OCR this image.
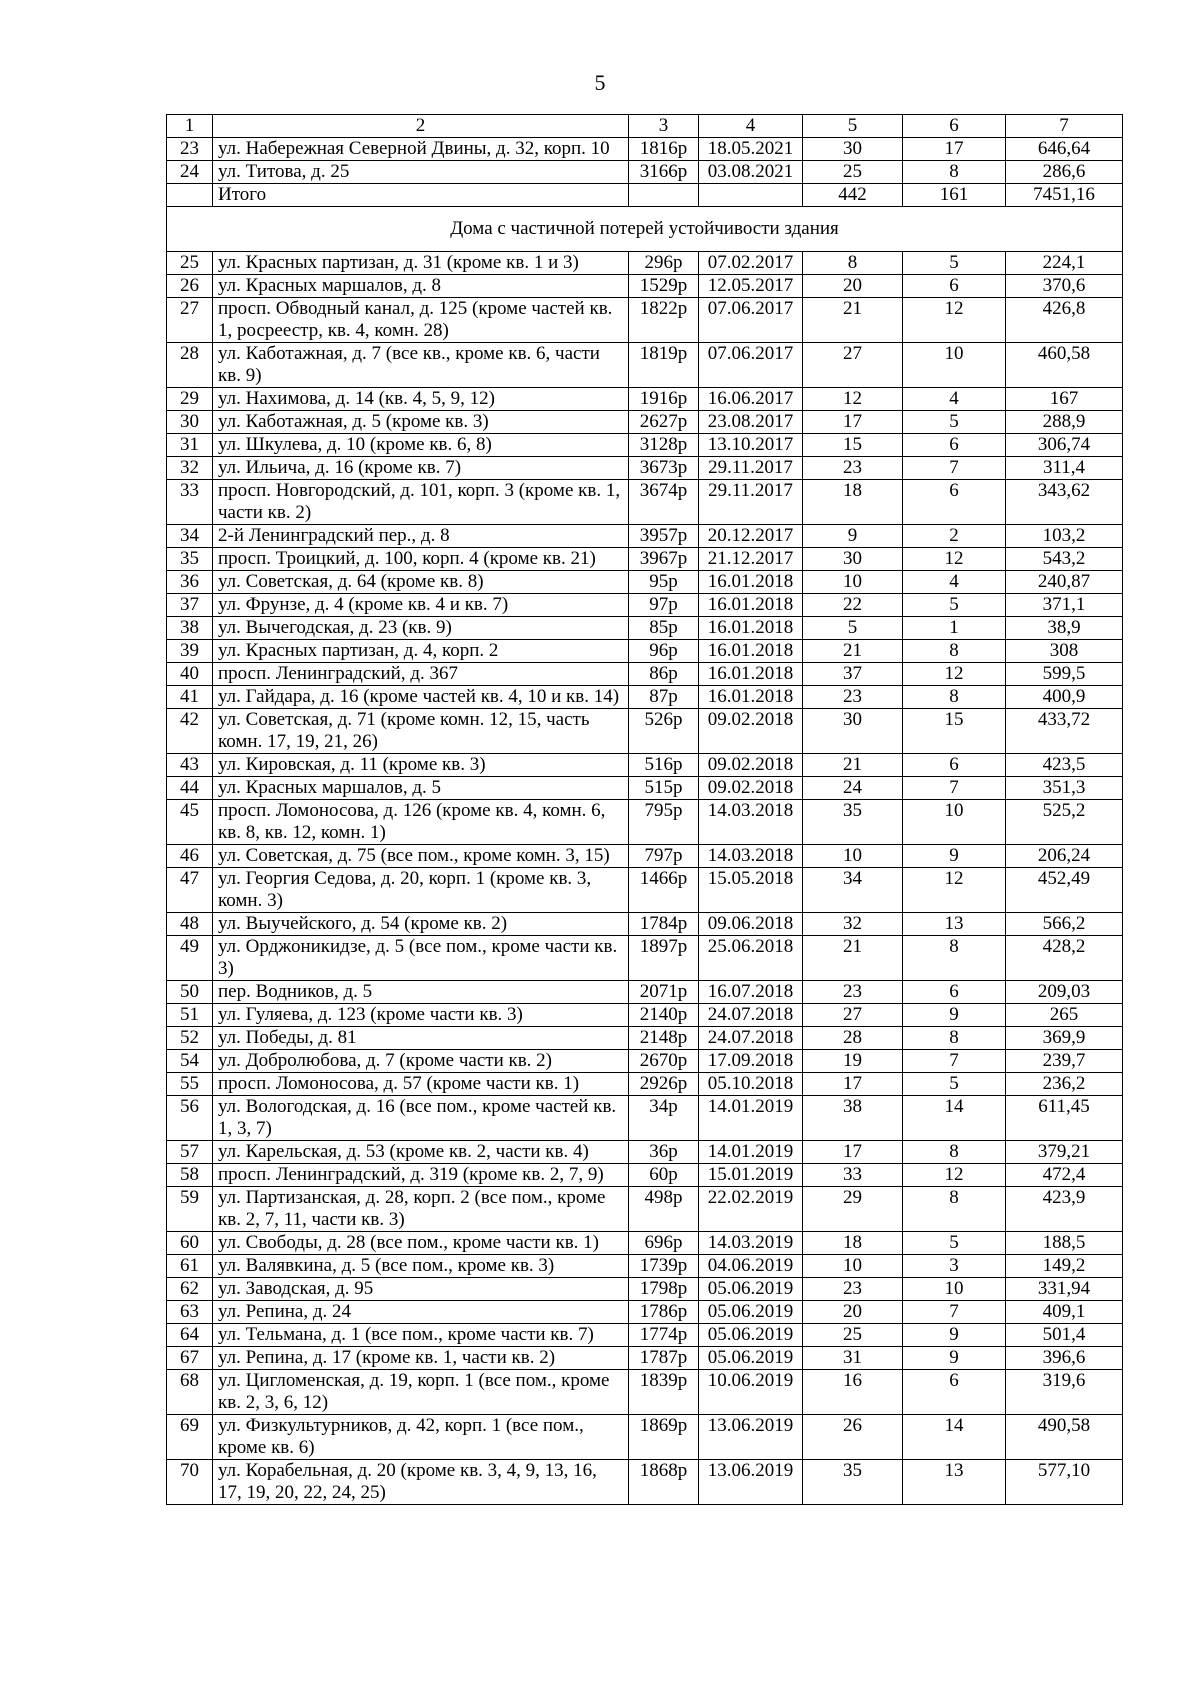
5
1	2	3	4	5	6	7
23	ул. Набережная Северной Двины, д. 32, корп. 10	1816р	18.05.2021	30	17	646,64
24	ул. Титова, д. 25	3166р	03.08.2021	25	8	286,6
	Итого			442	161	7451,16
Дома с частичной потерей устойчивости здания						
25	ул. Красных партизан, д. 31 (кроме кв. 1 и 3)	296р	07.02.2017	8	5	224,1
26	ул. Красных маршалов, д. 8	1529р	12.05.2017	20	6	370,6
27	просп. Обводный канал, д. 125 (кроме частей кв. 1, росреестр, кв. 4, комн. 28)	1822р	07.06.2017	21	12	426,8
28	ул. Каботажная, д. 7 (все кв., кроме кв. 6, части кв. 9)	1819р	07.06.2017	27	10	460,58
29	ул. Нахимова, д. 14 (кв. 4, 5, 9, 12)	1916р	16.06.2017	12	4	167
30	ул. Каботажная, д. 5 (кроме кв. 3)	2627р	23.08.2017	17	5	288,9
31	ул. Шкулева, д. 10 (кроме кв. 6, 8)	3128р	13.10.2017	15	6	306,74
32	ул. Ильича, д. 16 (кроме кв. 7)	3673р	29.11.2017	23	7	311,4
33	просп. Новгородский, д. 101, корп. 3 (кроме кв. 1, части кв. 2)	3674р	29.11.2017	18	6	343,62
34	2-й Ленинградский пер., д. 8	3957р	20.12.2017	9	2	103,2
35	просп. Троицкий, д. 100, корп. 4 (кроме кв. 21)	3967р	21.12.2017	30	12	543,2
36	ул. Советская, д. 64 (кроме кв. 8)	95р	16.01.2018	10	4	240,87
37	ул. Фрунзе, д. 4 (кроме кв. 4 и кв. 7)	97р	16.01.2018	22	5	371,1
38	ул. Вычегодская, д. 23 (кв. 9)	85р	16.01.2018	5	1	38,9
39	ул. Красных партизан, д. 4, корп. 2	96р	16.01.2018	21	8	308
40	просп. Ленинградский, д. 367	86р	16.01.2018	37	12	599,5
41	ул. Гайдара, д. 16 (кроме частей кв. 4, 10 и кв. 14)	87р	16.01.2018	23	8	400,9
42	ул. Советская, д. 71 (кроме комн. 12, 15, часть комн. 17, 19, 21, 26)	526р	09.02.2018	30	15	433,72
43	ул. Кировская, д. 11 (кроме кв. 3)	516р	09.02.2018	21	6	423,5
44	ул. Красных маршалов, д. 5	515р	09.02.2018	24	7	351,3
45	просп. Ломоносова, д. 126 (кроме кв. 4, комн. 6, кв. 8, кв. 12, комн. 1)	795р	14.03.2018	35	10	525,2
46	ул. Советская, д. 75 (все пом., кроме комн. 3, 15)	797р	14.03.2018	10	9	206,24
47	ул. Георгия Седова, д. 20, корп. 1 (кроме кв. 3, комн. 3)	1466р	15.05.2018	34	12	452,49
48	ул. Выучейского, д. 54 (кроме кв. 2)	1784р	09.06.2018	32	13	566,2
49	ул. Орджоникидзе, д. 5 (все пом., кроме части кв. 3)	1897р	25.06.2018	21	8	428,2
50	пер. Водников, д. 5	2071р	16.07.2018	23	6	209,03
51	ул. Гуляева, д. 123 (кроме части кв. 3)	2140р	24.07.2018	27	9	265
52	ул. Победы, д. 81	2148р	24.07.2018	28	8	369,9
54	ул. Добролюбова, д. 7 (кроме части кв. 2)	2670р	17.09.2018	19	7	239,7
55	просп. Ломоносова, д. 57 (кроме части кв. 1)	2926р	05.10.2018	17	5	236,2
56	ул. Вологодская, д. 16 (все пом., кроме частей кв. 1, 3, 7)	34р	14.01.2019	38	14	611,45
57	ул. Карельская, д. 53 (кроме кв. 2, части кв. 4)	36р	14.01.2019	17	8	379,21
58	просп. Ленинградский, д. 319 (кроме кв. 2, 7, 9)	60р	15.01.2019	33	12	472,4
59	ул. Партизанская, д. 28, корп. 2 (все пом., кроме кв. 2, 7, 11, части кв. 3)	498р	22.02.2019	29	8	423,9
60	ул. Свободы, д. 28 (все пом., кроме части кв. 1)	696р	14.03.2019	18	5	188,5
61	ул. Валявкина, д. 5 (все пом., кроме кв. 3)	1739р	04.06.2019	10	3	149,2
62	ул. Заводская, д. 95	1798р	05.06.2019	23	10	331,94
63	ул. Репина, д. 24	1786р	05.06.2019	20	7	409,1
64	ул. Тельмана, д. 1 (все пом., кроме части кв. 7)	1774р	05.06.2019	25	9	501,4
67	ул. Репина, д. 17 (кроме кв. 1, части кв. 2)	1787р	05.06.2019	31	9	396,6
68	ул. Цигломенская, д. 19, корп. 1 (все пом., кроме кв. 2, 3, 6, 12)	1839р	10.06.2019	16	6	319,6
69	ул. Физкультурников, д. 42, корп. 1 (все пом., кроме кв. 6)	1869р	13.06.2019	26	14	490,58
70	ул. Корабельная, д. 20 (кроме кв. 3, 4, 9, 13, 16, 17, 19, 20, 22, 24, 25)	1868р	13.06.2019	35	13	577,10
